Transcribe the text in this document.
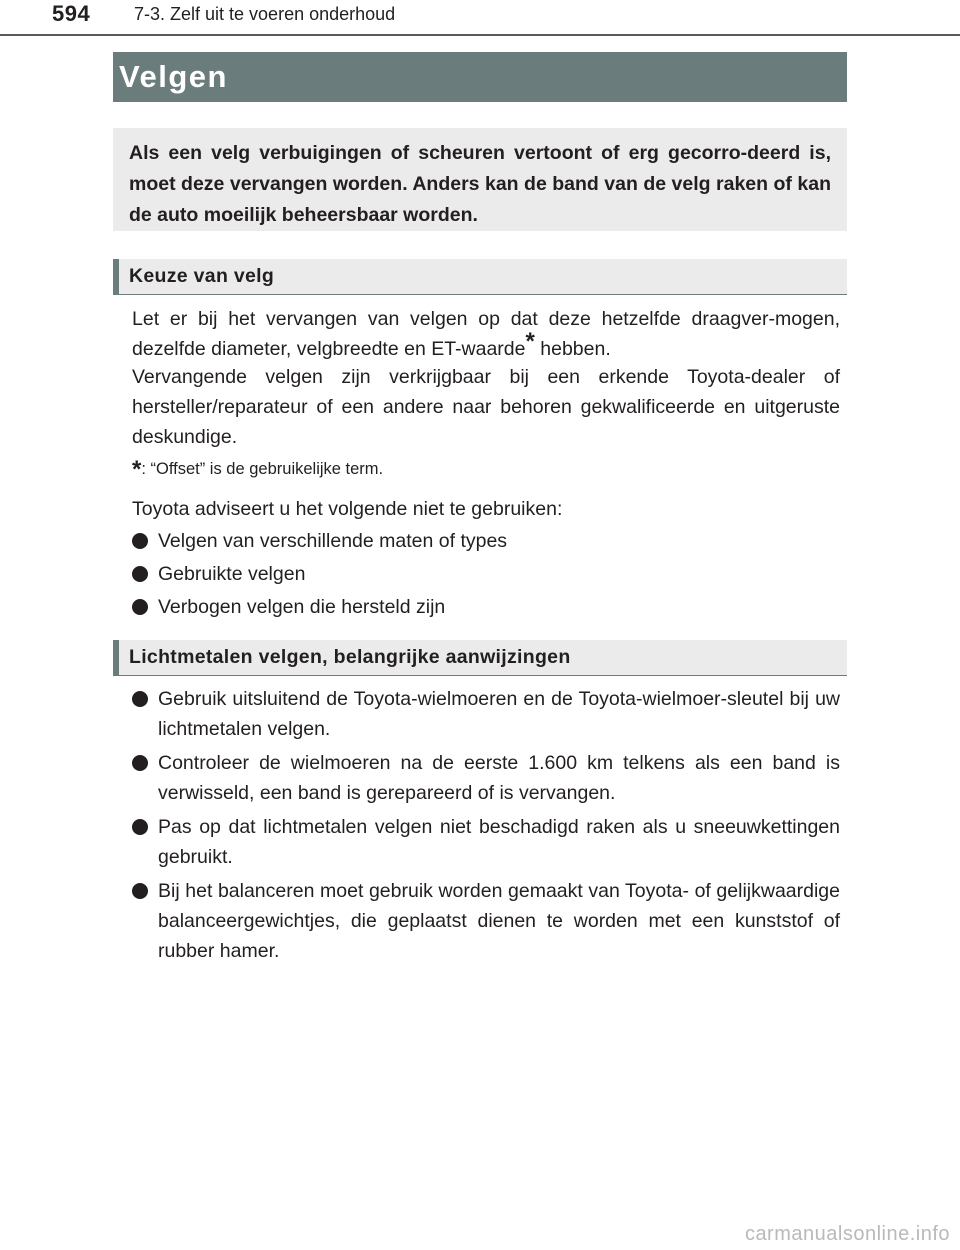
594 7-3. Zelf uit te voeren onderhoud
Velgen
Als een velg verbuigingen of scheuren vertoont of erg gecorro-deerd is, moet deze vervangen worden. Anders kan de band van de velg raken of kan de auto moeilijk beheersbaar worden.
Keuze van velg
Let er bij het vervangen van velgen op dat deze hetzelfde draagver-mogen, dezelfde diameter, velgbreedte en ET-waarde* hebben.
Vervangende velgen zijn verkrijgbaar bij een erkende Toyota-dealer of hersteller/reparateur of een andere naar behoren gekwalificeerde en uitgeruste deskundige.
*: “Offset” is de gebruikelijke term.
Toyota adviseert u het volgende niet te gebruiken:
Velgen van verschillende maten of types
Gebruikte velgen
Verbogen velgen die hersteld zijn
Lichtmetalen velgen, belangrijke aanwijzingen
Gebruik uitsluitend de Toyota-wielmoeren en de Toyota-wielmoer-sleutel bij uw lichtmetalen velgen.
Controleer de wielmoeren na de eerste 1.600 km telkens als een band is verwisseld, een band is gerepareerd of is vervangen.
Pas op dat lichtmetalen velgen niet beschadigd raken als u sneeuwkettingen gebruikt.
Bij het balanceren moet gebruik worden gemaakt van Toyota- of gelijkwaardige balanceergewichtjes, die geplaatst dienen te worden met een kunststof of rubber hamer.
carmanualsonline.info
